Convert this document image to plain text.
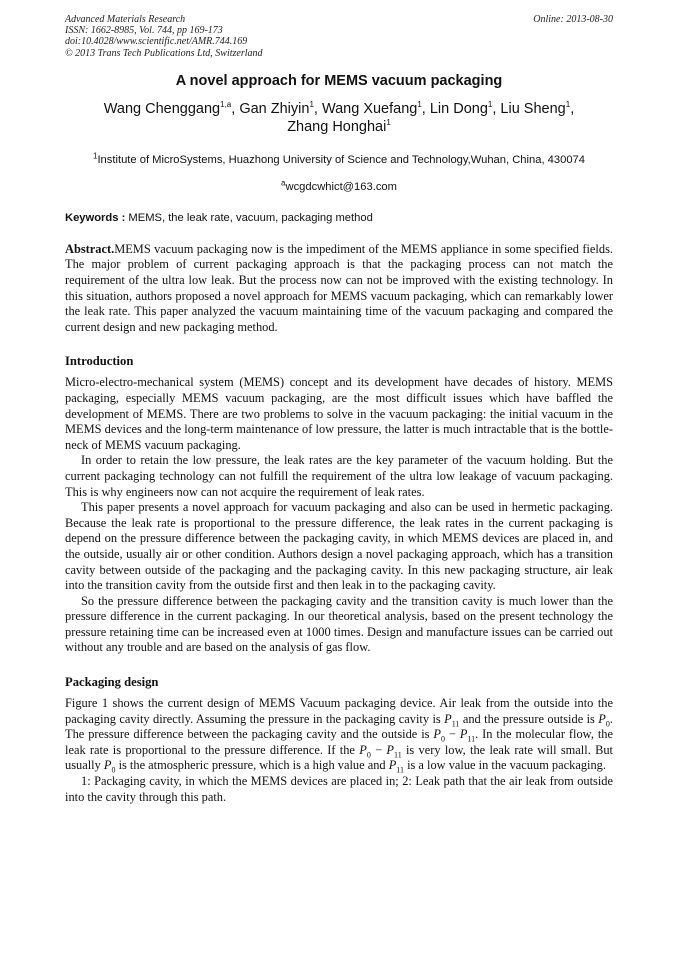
Advanced Materials Research	Online: 2013-08-30
ISSN: 1662-8985, Vol. 744, pp 169-173
doi:10.4028/www.scientific.net/AMR.744.169
© 2013 Trans Tech Publications Ltd, Switzerland
A novel approach for MEMS vacuum packaging
Wang Chenggang$^{1,a}$, Gan Zhiyin$^1$, Wang Xuefang$^1$, Lin Dong$^1$, Liu Sheng$^1$,
Zhang Honghai$^1$
$^1$Institute of MicroSystems, Huazhong University of Science and Technology,Wuhan, China, 430074
$^a$wcgdcwhict@163.com
Keywords : MEMS, the leak rate, vacuum, packaging method

Abstract.MEMS vacuum packaging now is the impediment of the MEMS appliance in some specified fields. The major problem of current packaging approach is that the packaging process can not match the requirement of the ultra low leak. But the process now can not be improved with the existing technology. In this situation, authors proposed a novel approach for MEMS vacuum packaging, which can remarkably lower the leak rate. This paper analyzed the vacuum maintaining time of the vacuum packaging and compared the current design and new packaging method.

Introduction

Micro-electro-mechanical system (MEMS) concept and its development have decades of history. MEMS packaging, especially MEMS vacuum packaging, are the most difficult issues which have baffled the development of MEMS. There are two problems to solve in the vacuum packaging: the initial vacuum in the MEMS devices and the long-term maintenance of low pressure, the latter is much intractable that is the bottle-neck of MEMS vacuum packaging.

In order to retain the low pressure, the leak rates are the key parameter of the vacuum holding. But the current packaging technology can not fulfill the requirement of the ultra low leakage of vacuum packaging. This is why engineers now can not acquire the requirement of leak rates.

This paper presents a novel approach for vacuum packaging and also can be used in hermetic packaging. Because the leak rate is proportional to the pressure difference, the leak rates in the current packaging is depend on the pressure difference between the packaging cavity, in which MEMS devices are placed in, and the outside, usually air or other condition. Authors design a novel packaging approach, which has a transition cavity between outside of the packaging and the packaging cavity. In this new packaging structure, air leak into the transition cavity from the outside first and then leak in to the packaging cavity.

So the pressure difference between the packaging cavity and the transition cavity is much lower than the pressure difference in the current packaging. In our theoretical analysis, based on the present technology the pressure retaining time can be increased even at 1000 times. Design and manufacture issues can be carried out without any trouble and are based on the analysis of gas flow.

Packaging design

Figure 1 shows the current design of MEMS Vacuum packaging device. Air leak from the outside into the packaging cavity directly. Assuming the pressure in the packaging cavity is $P_{11}$ and the pressure outside is $P_0$. The pressure difference between the packaging cavity and the outside is $P_0 - P_{11}$. In the molecular flow, the leak rate is proportional to the pressure difference. If the $P_0 - P_{11}$ is very low, the leak rate will small. But usually $P_0$ is the atmospheric pressure, which is a high value and $P_{11}$ is a low value in the vacuum packaging.

1: Packaging cavity, in which the MEMS devices are placed in; 2: Leak path that the air leak from outside into the cavity through this path.
